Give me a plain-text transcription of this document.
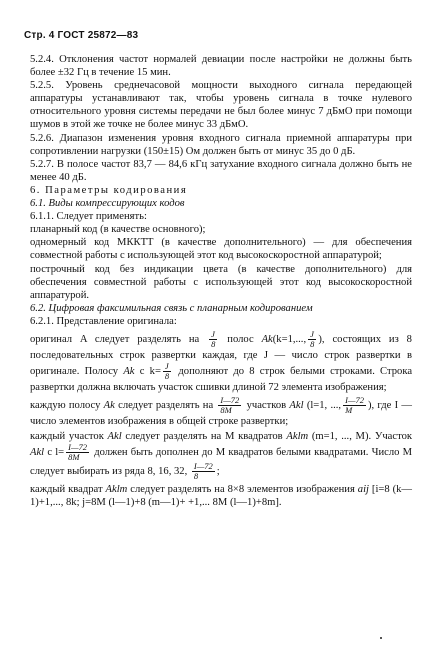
Стр. 4 ГОСТ 25872—83

5.2.4. Отклонения частот нормалей девиации после настройки не должны быть более ±32 Гц в течение 15 мин.

5.2.5. Уровень среднечасовой мощности выходного сигнала передающей аппаратуры устанавливают так, чтобы уровень сигнала в точке нулевого относительного уровня системы передачи не был более минус 7 дБмО при помощи шумов в этой же точке не более минус 33 дБмО.

5.2.6. Диапазон изменения уровня входного сигнала приемной аппаратуры при сопротивлении нагрузки (150±15) Ом должен быть от минус 35 до 0 дБ.

5.2.7. В полосе частот 83,7 — 84,6 кГц затухание входного сигнала должно быть не менее 40 дБ.

6. Параметры кодирования

6.1. Виды компрессирующих кодов

6.1.1. Следует применять:

планарный код (в качестве основного);

одномерный код МККТТ (в качестве дополнительного) — для обеспечения совместной работы с использующей этот код высокоскоростной аппаратурой;

построчный код без индикации цвета (в качестве дополнительного) для обеспечения совместной работы с использующей этот код высокоскоростной аппаратурой.

6.2. Цифровая факсимильная связь с планарным кодированием

6.2.1. Представление оригинала:

оригинал A следует разделять на $\frac{J}{8}$ полос Ak(k=1,..., $\frac{J}{8}$ ), состоящих из 8 последовательных строк развертки каждая, где J — число строк развертки в оригинале. Полосу Ak с $k= \frac{J}{8}$ дополняют до 8 строк белыми строками. Строка развертки должна включать участок сшивки длиной 72 элемента изображения;

каждую полосу Ak следует разделять на $\frac{I—72}{8M}$ участков Akl (l=1, ..., $\frac{I—72}{M}$ ), где I — число элементов изображения в общей строке развертки;

каждый участок Akl следует разделять на M квадратов Aklm (m=1, ..., M). Участок Akl с $l= \frac{I—72}{8M}$ должен быть дополнен до M квадратов белыми квадратами. Число M следует выбирать из ряда 8, 16, 32, $\frac{I—72}{8}$ ;

каждый квадрат Aklm следует разделять на 8×8 элементов изображения aij [i=8 (k—1)+1,..., 8k; j=8M (l—1)+8 (m—1)+ +1,... 8M (l—1)+8m].
